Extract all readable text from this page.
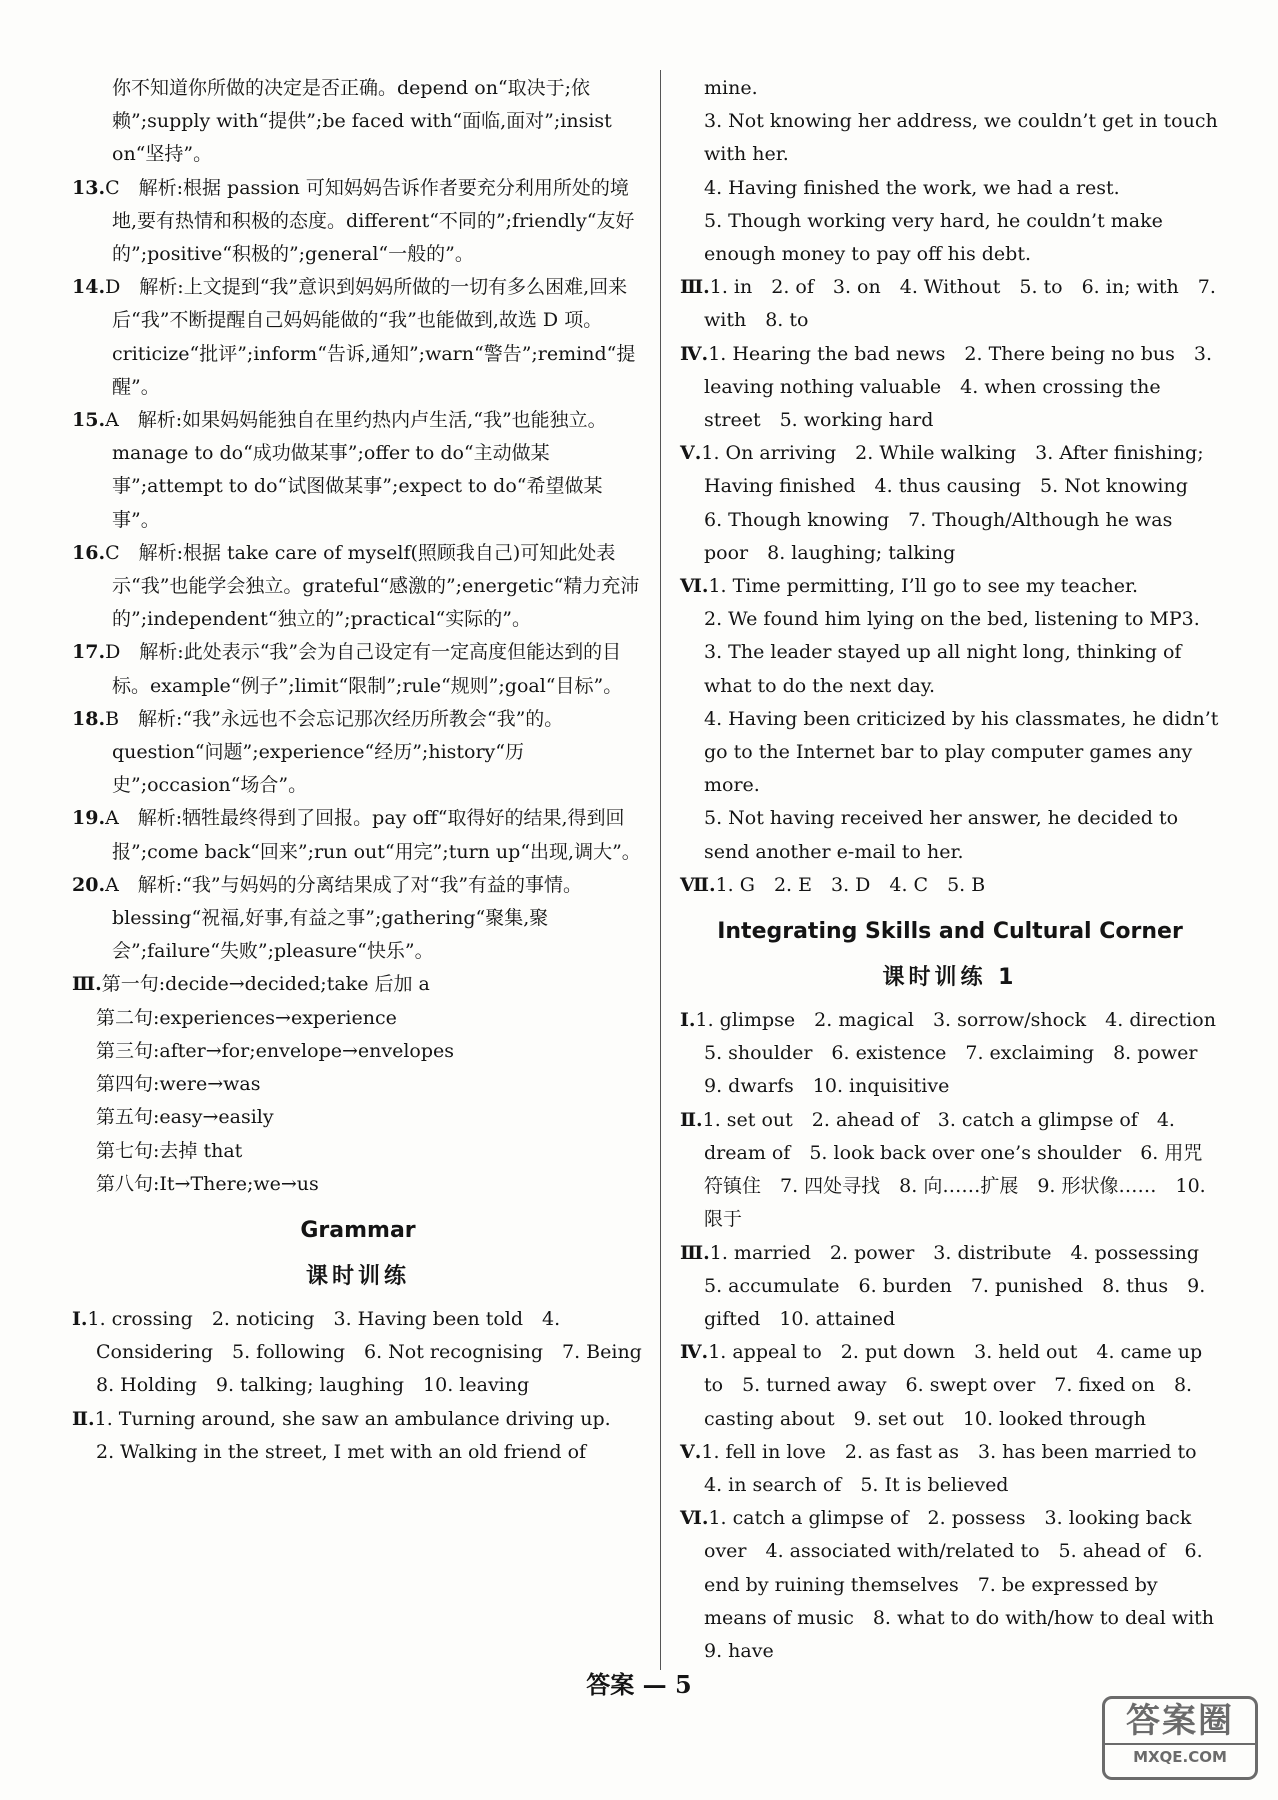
你不知道你所做的决定是否正确。depend on“取决于;依赖”;supply with“提供”;be faced with“面临,面对”;insist on“坚持”。

13.C　解析:根据 passion 可知妈妈告诉作者要充分利用所处的境地,要有热情和积极的态度。different“不同的”;friendly“友好的”;positive“积极的”;general“一般的”。
14.D　解析:上文提到“我”意识到妈妈所做的一切有多么困难,回来后“我”不断提醒自己妈妈能做的“我”也能做到,故选 D 项。criticize“批评”;inform“告诉,通知”;warn“警告”;remind“提醒”。
15.A　解析:如果妈妈能独自在里约热内卢生活,“我”也能独立。manage to do“成功做某事”;offer to do“主动做某事”;attempt to do“试图做某事”;expect to do“希望做某事”。
16.C　解析:根据 take care of myself(照顾我自己)可知此处表示“我”也能学会独立。grateful“感激的”;energetic“精力充沛的”;independent“独立的”;practical“实际的”。
17.D　解析:此处表示“我”会为自己设定有一定高度但能达到的目标。example“例子”;limit“限制”;rule“规则”;goal“目标”。
18.B　解析:“我”永远也不会忘记那次经历所教会“我”的。question“问题”;experience“经历”;history“历史”;occasion“场合”。
19.A　解析:牺牲最终得到了回报。pay off“取得好的结果,得到回报”;come back“回来”;run out“用完”;turn up“出现,调大”。
20.A　解析:“我”与妈妈的分离结果成了对“我”有益的事情。blessing“祝福,好事,有益之事”;gathering“聚集,聚会”;failure“失败”;pleasure“快乐”。

Ⅲ.第一句:decide→decided;take 后加 a

第二句:experiences→experience

第三句:after→for;envelope→envelopes

第四句:were→was

第五句:easy→easily

第七句:去掉 that

第八句:It→There;we→us

Grammar
课时训练
Ⅰ.1. crossing　2. noticing　3. Having been told　4. Considering　5. following　6. Not recognising　7. Being　8. Holding　9. talking; laughing　10. leaving
Ⅱ.1. Turning around, she saw an ambulance driving up.

2. Walking in the street, I met with an old friend of

mine.

3. Not knowing her address, we couldn’t get in touch with her.

4. Having finished the work, we had a rest.

5. Though working very hard, he couldn’t make enough money to pay off his debt.

Ⅲ.1. in　2. of　3. on　4. Without　5. to　6. in; with　7. with　8. to
Ⅳ.1. Hearing the bad news　2. There being no bus　3. leaving nothing valuable　4. when crossing the street　5. working hard
Ⅴ.1. On arriving　2. While walking　3. After finishing; Having finished　4. thus causing　5. Not knowing　6. Though knowing　7. Though/Although he was poor　8. laughing; talking
Ⅵ.1. Time permitting, I’ll go to see my teacher.

2. We found him lying on the bed, listening to MP3.

3. The leader stayed up all night long, thinking of what to do the next day.

4. Having been criticized by his classmates, he didn’t go to the Internet bar to play computer games any more.

5. Not having received her answer, he decided to send another e-mail to her.

Ⅶ.1. G　2. E　3. D　4. C　5. B
Integrating Skills and Cultural Corner
课时训练 1
Ⅰ.1. glimpse　2. magical　3. sorrow/shock　4. direction　5. shoulder　6. existence　7. exclaiming　8. power　9. dwarfs　10. inquisitive
Ⅱ.1. set out　2. ahead of　3. catch a glimpse of　4. dream of　5. look back over one’s shoulder　6. 用咒符镇住　7. 四处寻找　8. 向……扩展　9. 形状像……　10. 限于
Ⅲ.1. married　2. power　3. distribute　4. possessing　5. accumulate　6. burden　7. punished　8. thus　9. gifted　10. attained
Ⅳ.1. appeal to　2. put down　3. held out　4. came up to　5. turned away　6. swept over　7. fixed on　8. casting about　9. set out　10. looked through
Ⅴ.1. fell in love　2. as fast as　3. has been married to　4. in search of　5. It is believed
Ⅵ.1. catch a glimpse of　2. possess　3. looking back over　4. associated with/related to　5. ahead of　6. end by ruining themselves　7. be expressed by means of music　8. what to do with/how to deal with　9. have
答案 — 5
答案圈
MXQE.COM
